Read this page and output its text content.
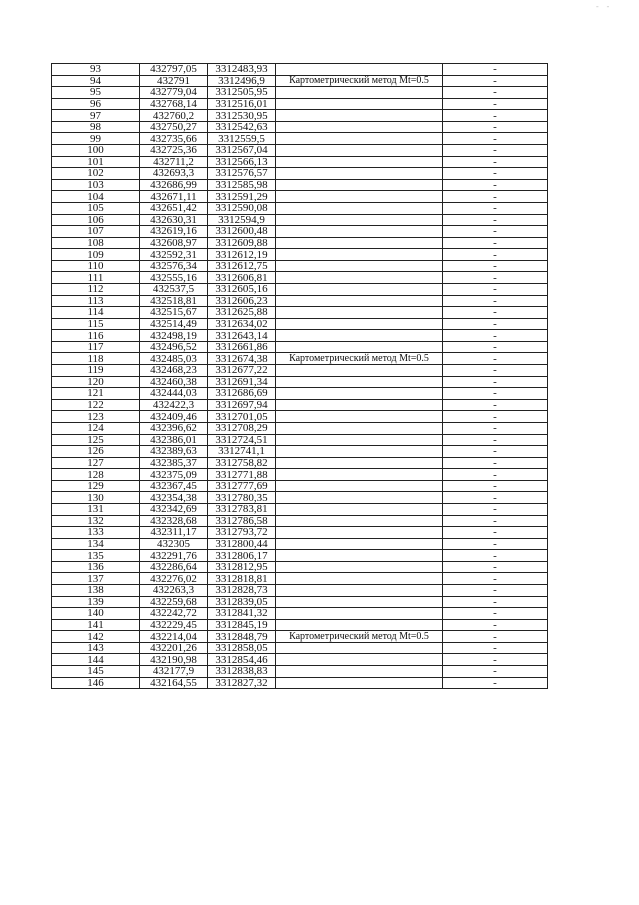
- -
93	432797,05	3312483,93		-
94	432791	3312496,9	Картометрический метод Mt=0.5	-
95	432779,04	3312505,95		-
96	432768,14	3312516,01		-
97	432760,2	3312530,95		-
98	432750,27	3312542,63		-
99	432735,66	3312559,5		-
100	432725,36	3312567,04		-
101	432711,2	3312566,13		-
102	432693,3	3312576,57		-
103	432686,99	3312585,98		-
104	432671,11	3312591,29		-
105	432651,42	3312590,08		-
106	432630,31	3312594,9		-
107	432619,16	3312600,48		-
108	432608,97	3312609,88		-
109	432592,31	3312612,19		-
110	432576,34	3312612,75		-
111	432555,16	3312606,81		-
112	432537,5	3312605,16		-
113	432518,81	3312606,23		-
114	432515,67	3312625,88		-
115	432514,49	3312634,02		-
116	432498,19	3312643,14		-
117	432496,52	3312661,86		-
118	432485,03	3312674,38	Картометрический метод Mt=0.5	-
119	432468,23	3312677,22		-
120	432460,38	3312691,34		-
121	432444,03	3312686,69		-
122	432422,3	3312697,94		-
123	432409,46	3312701,05		-
124	432396,62	3312708,29		-
125	432386,01	3312724,51		-
126	432389,63	3312741,1		-
127	432385,37	3312758,82		-
128	432375,09	3312771,88		-
129	432367,45	3312777,69		-
130	432354,38	3312780,35		-
131	432342,69	3312783,81		-
132	432328,68	3312786,58		-
133	432311,17	3312793,72		-
134	432305	3312800,44		-
135	432291,76	3312806,17		-
136	432286,64	3312812,95		-
137	432276,02	3312818,81		-
138	432263,3	3312828,73		-
139	432259,68	3312839,05		-
140	432242,72	3312841,32		-
141	432229,45	3312845,19		-
142	432214,04	3312848,79	Картометрический метод Mt=0.5	-
143	432201,26	3312858,05		-
144	432190,98	3312854,46		-
145	432177,9	3312838,83		-
146	432164,55	3312827,32		-
